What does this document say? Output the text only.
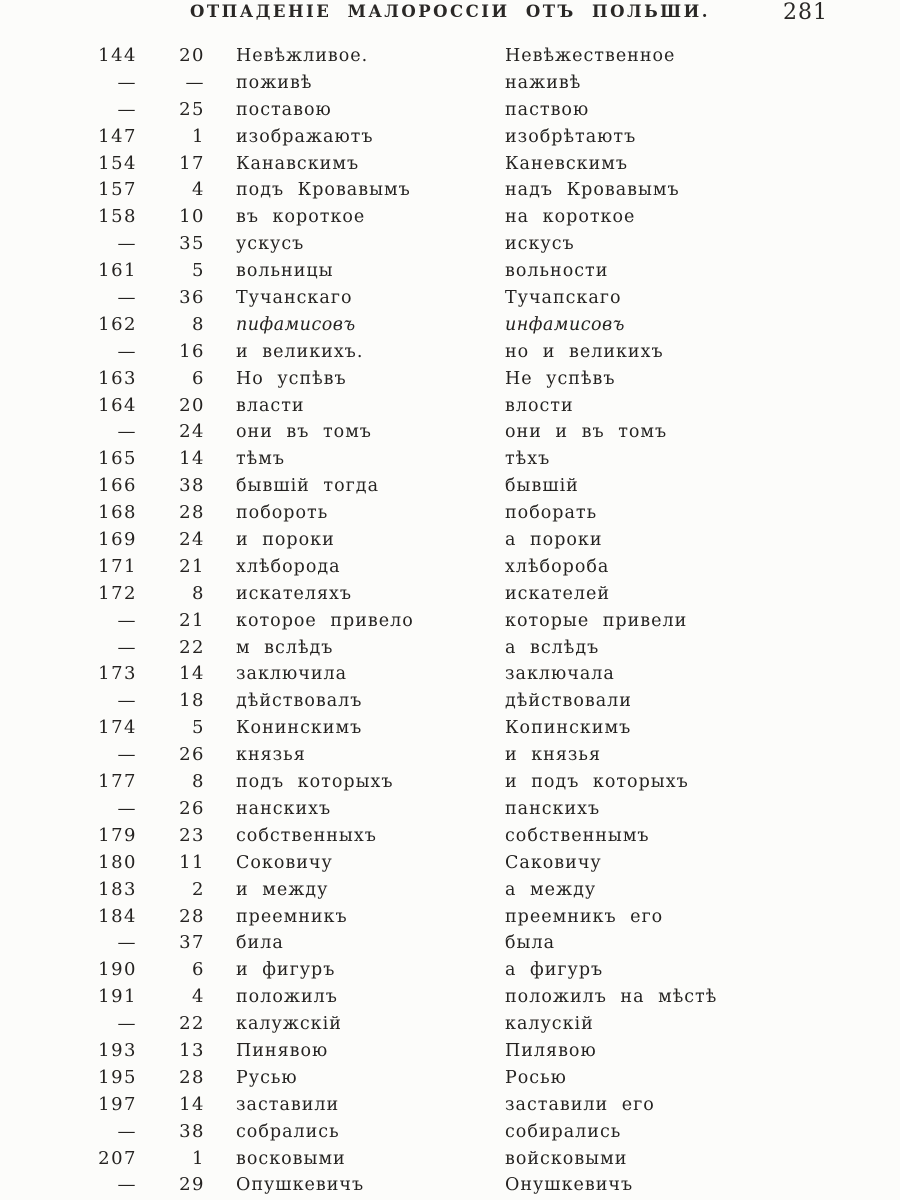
ОТПАДЕНІЕ МАЛОРОССІИ ОТЪ ПОЛЬШИ.	281
144	20 Невѣжливое.	Невѣжественное
—	— поживѣ	наживѣ
—	25 поставою	паствою
147	1 изображаютъ	изобрѣтаютъ
154	17 Канавскимъ	Каневскимъ
157	4 подъ Кровавымъ	надъ Кровавымъ
158	10 въ короткое	на короткое
—	35 ускусъ	искусъ
161	5 вольницы	вольности
—	36 Тучанскаго	Тучапскаго
162	8 пифамисовъ	инфамисовъ
—	16 и великихъ.	но и великихъ
163	6 Но успѣвъ	Не успѣвъ
164	20 власти	влости
—	24 они въ томъ	они и въ томъ
165	14 тѣмъ	тѣхъ
166	38 бывшій тогда	бывшій
168	28 побороть	поборать
169	24 и пороки	а пороки
171	21 хлѣборода	хлѣбороба
172	8 искателяхъ	искателей
—	21 которое привело	которые привели
—	22 м вслѣдъ	а вслѣдъ
173	14 заключила	заключала
—	18 дѣйствовалъ	дѣйствовали
174	5 Конинскимъ	Копинскимъ
—	26 князья	и князья
177	8 подъ которыхъ	и подъ которыхъ
—	26 нанскихъ	панскихъ
179	23 собственныхъ	собственнымъ
180	11 Соковичу	Саковичу
183	2 и между	а между
184	28 преемникъ	преемникъ его
—	37 била	была
190	6 и фигуръ	а фигуръ
191	4 положилъ	положилъ на мѣстѣ
—	22 калужскій	калускій
193	13 Пинявою	Пилявою
195	28 Русью	Росью
197	14 заставили	заставили его
—	38 собрались	собирались
207	1 восковыми	войсковыми
—	29 Опушкевичъ	Онушкевичъ
